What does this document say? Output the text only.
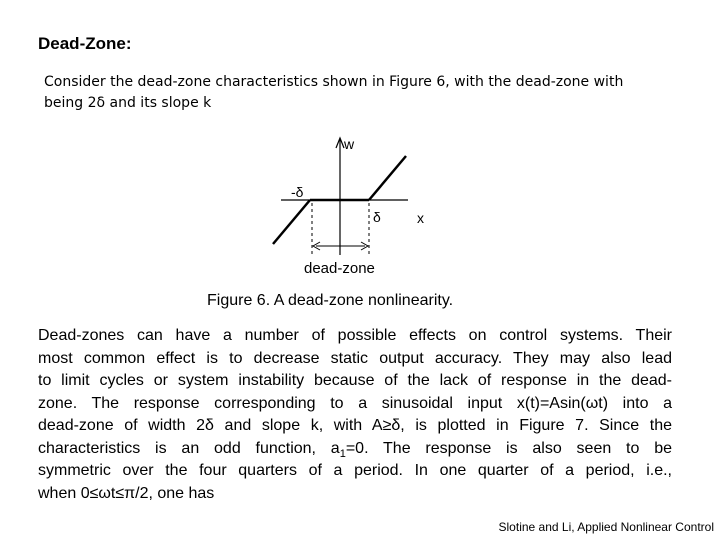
Dead-Zone:
Consider the dead-zone characteristics shown in Figure 6, with the dead-zone with
being 2δ and its slope k
w
-δ
δ	x
dead-zone
Figure 6. A dead-zone nonlinearity.
Dead-zones can have a number of possible effects on control systems. Their
most common effect is to decrease static output accuracy. They may also lead
to limit cycles or system instability because of the lack of response in the dead-
zone. The response corresponding to a sinusoidal input x(t)=Asin(ωt) into a
dead-zone of width 2δ and slope k, with A≥δ, is plotted in Figure 7. Since the
characteristics is an odd function, $a_1=0$. The response is also seen to be
symmetric over the four quarters of a period. In one quarter of a period, i.e.,
when 0≤ωt≤π/2, one has
Slotine and Li, Applied Nonlinear Control
